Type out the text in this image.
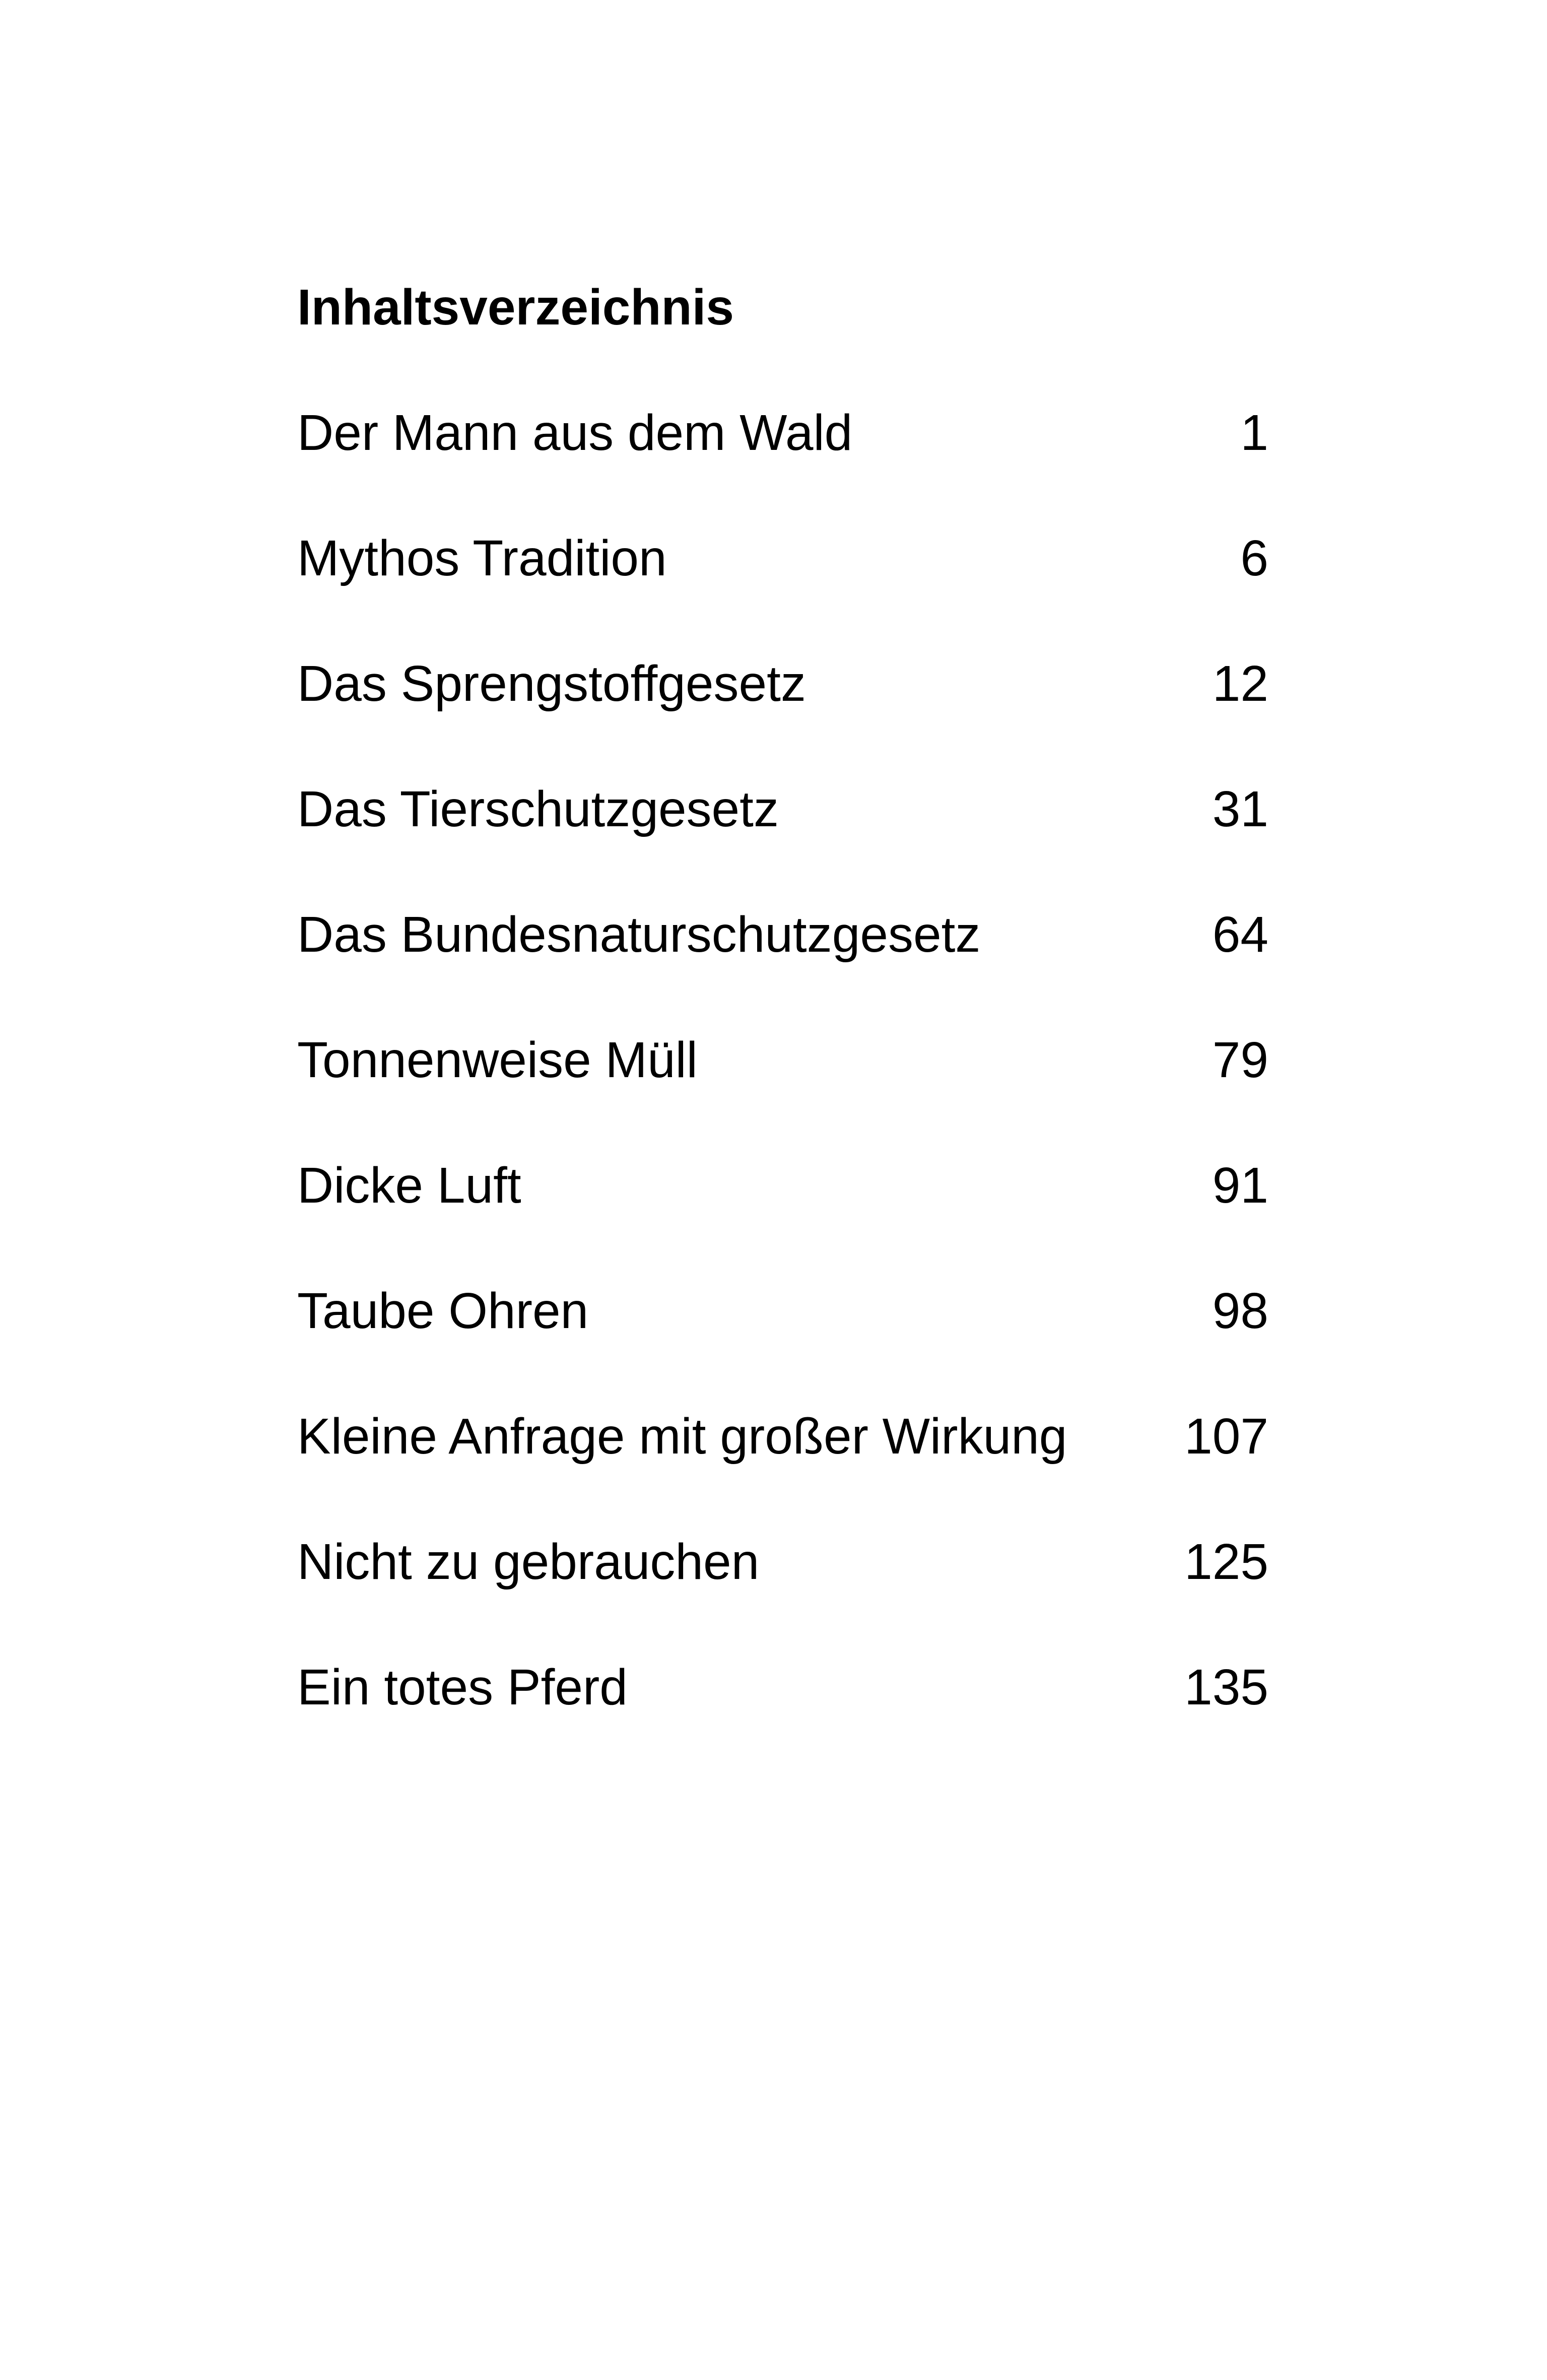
Inhaltsverzeichnis
Der Mann aus dem Wald	1
Mythos Tradition	6
Das Sprengstoffgesetz	12
Das Tierschutzgesetz	31
Das Bundesnaturschutzgesetz	64
Tonnenweise Müll	79
Dicke Luft	91
Taube Ohren	98
Kleine Anfrage mit großer Wirkung 107
Nicht zu gebrauchen	125
Ein totes Pferd	135
